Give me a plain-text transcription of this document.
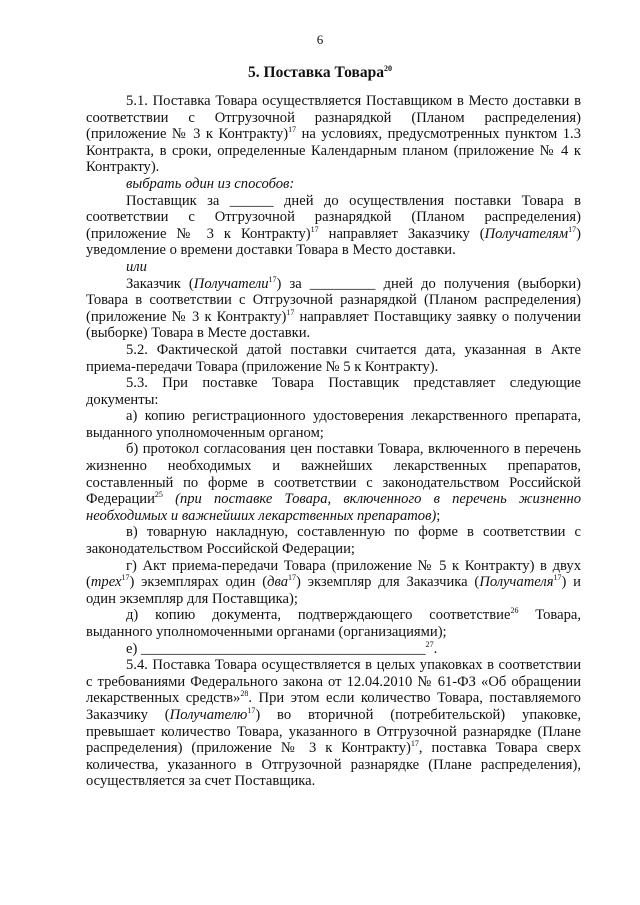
6
5. Поставка Товара$^{20}$

5.1. Поставка Товара осуществляется Поставщиком в Место доставки в соответствии с Отгрузочной разнарядкой (Планом распределения) (приложение № 3 к Контракту)$^{17}$ на условиях, предусмотренных пунктом 1.3 Контракта, в сроки, определенные Календарным планом (приложение № 4 к Контракту).

выбрать один из способов:

Поставщик за ______ дней до осуществления поставки Товара в соответствии с Отгрузочной разнарядкой (Планом распределения) (приложение № 3 к Контракту)$^{17}$ направляет Заказчику (Получателям$^{17}$) уведомление о времени доставки Товара в Место доставки.

или

Заказчик (Получатели$^{17}$) за _________ дней до получения (выборки) Товара в соответствии с Отгрузочной разнарядкой (Планом распределения) (приложение № 3 к Контракту)$^{17}$ направляет Поставщику заявку о получении (выборке) Товара в Месте доставки.

5.2. Фактической датой поставки считается дата, указанная в Акте приема-передачи Товара (приложение № 5 к Контракту).

5.3. При поставке Товара Поставщик представляет следующие документы:

а) копию регистрационного удостоверения лекарственного препарата, выданного уполномоченным органом;

б) протокол согласования цен поставки Товара, включенного в перечень жизненно необходимых и важнейших лекарственных препаратов, составленный по форме в соответствии с законодательством Российской Федерации$^{25}$ (при поставке Товара, включенного в перечень жизненно необходимых и важнейших лекарственных препаратов);

в) товарную накладную, составленную по форме в соответствии с законодательством Российской Федерации;

г) Акт приема-передачи Товара (приложение № 5 к Контракту) в двух (трех$^{17}$) экземплярах один (два$^{17}$) экземпляр для Заказчика (Получателя$^{17}$) и один экземпляр для Поставщика);

д) копию документа, подтверждающего соответствие$^{26}$ Товара, выданного уполномоченными органами (организациями);

е) _______________________________________$^{27}$.

5.4. Поставка Товара осуществляется в целых упаковках в соответствии с требованиями Федерального закона от 12.04.2010 № 61-ФЗ «Об обращении лекарственных средств»$^{28}$. При этом если количество Товара, поставляемого Заказчику (Получателю$^{17}$) во вторичной (потребительской) упаковке, превышает количество Товара, указанного в Отгрузочной разнарядке (Плане распределения) (приложение № 3 к Контракту)$^{17}$, поставка Товара сверх количества, указанного в Отгрузочной разнарядке (Плане распределения), осуществляется за счет Поставщика.
